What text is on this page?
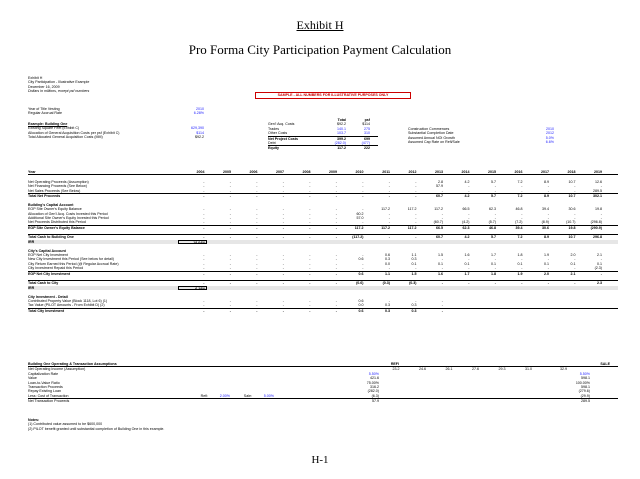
Exhibit H
Pro Forma City Participation Payment Calculation
Exhibit H
City Participation - Illustrative Example
December 16, 2009
Dollars in millions, except psf numbers
SAMPLE - ALL NUMBERS FOR ILLUSTRATIVE PURPOSES ONLY
Year of Title Vesting	2010
Regular Accrual Rate	6.28%
Example: Building One
Existing Square Feet (Exhibit C)	629,390
Allocation of General Acquisition Costs per psf (Exhibit C)	$114
Total Allocated General Acquisition Costs (MM)	$92.2
Total	psf
Gen'l Acq. Costs	$92.2	$114
Trades	140.1	275
Other Costs	103.7	310
Net Project Costs	399.2	699
Debt	(282.0)	(477)
Equity	117.2	222
Construction Commences	2010
Substantial Completion Date	2012
Assumed Annual NOI Growth	5.0%
Assumed Cap Rate on Refi/Sale	6.6%
Year	2004	2005	2006	2007	2008	2009	2010	2011	2012	2013	2014	2015	2016	2017	2018	2019
Net Operating Proceeds (Assumption)	-	-	-	-	-	-	-	-	-	2.8	4.2	5.7	7.2	8.9	10.7	12.6
Net Financing Proceeds (See Below)	-	-	-	-	-	-	-	-	-	57.9	-	-	-	-	-	-
Net Sales Proceeds (See Below)	-	-	-	-	-	-	-	-	-	-	-	-	-	-	-	289.5
Total Net Proceeds	-	-	-	-	-	-	-	-	-	60.7	4.2	5.7	7.2	8.9	10.7	302.1
Building's Capital Account
EOP Site Owner's Equity Balance	-	-	-	-	-	-	-	117.2	117.2	117.2	66.5	62.3	46.8	39.4	30.6	19.8
Allocation of Gen'l Acq. Costs Invested this Period	-	-	-	-	-	-	60.2	-	-	-	-	-	-	-	-	-
Additional Site Owner's Equity Invested this Period	-	-	-	-	-	-	57.0	-	-	-	-	-	-	-	-	-
Net Proceeds Distributed this Period	-	-	-	-	-	-	-	-	-	(60.7)	(4.2)	(5.7)	(7.2)	(8.9)	(10.7)	(296.8)
EOP Site Owner's Equity Balance	-	-	-	-	-	-	117.2	117.2	117.2	66.5	62.3	46.8	39.4	30.6	19.8	(290.9)
Total Cash to Building One	-	-	-	-	-	-	(117.2)	-	-	60.7	4.2	5.7	7.2	8.9	10.7	296.8
IRR	18.04%
City's Capital Account
EOP Net City Investment	-	-	-	-	-	-	-	0.6	1.1	1.5	1.6	1.7	1.8	1.9	2.0	2.1
New City Investment this Period (See below for detail)	-	-	-	-	-	-	0.6	0.3	0.3	-	-	-	-	-	-	-
City Return Earned this Period (@ Regular Accrual Rate)	-	-	-	-	-	-	-	0.0	0.1	0.1	0.1	0.1	0.1	0.1	0.1	0.1
City Investment Repaid this Period	-	-	-	-	-	-	-	-	-	-	-	-	-	-	-	(2.3)
EOP Net City Investment	-	-	-	-	-	-	0.6	1.1	1.5	1.6	1.7	1.8	1.9	2.0	2.1	-
Total Cash to City	-	-	-	-	-	-	(0.6)	(0.3)	(0.3)	-	-	-	-	-	-	2.3
IRR	6.28%
City Investment - Detail
Contributed Property Value (Block 1118, Lot 6) (1)	-	-	-	-	-	-	0.6	-	-	-
Tax Value (PILOT Amounts - From Exhibit D) (2)	-	-	-	-	-	-	0.0	0.3	0.3	-
Total City Investment	-	-	-	-	-	-	0.6	0.3	0.3	-
Building One Operating & Transaction Assumptions	REFI	SALE
Net Operating Income (Assumption)	23.2	24.6	26.1	27.6	29.3	31.0	32.9
Capitalization Rate	5.50%	5.50%
Value	421.6	598.1
Loan-to-Value Ratio	75.00%	100.00%
Transaction Proceeds	316.2	598.1
Repay Existing Loan	(282.0)	(279.6)
Less: Cost of Transaction	Refi:	2.00%	Sale:	5.00%	(6.3)	(29.9)
Net Transaction Proceeds	57.9	289.5
Notes:
(1) Contributed value assumed to be $600,000
(2) PILOT benefit granted until substantial completion of Building One in this example.
H-1
